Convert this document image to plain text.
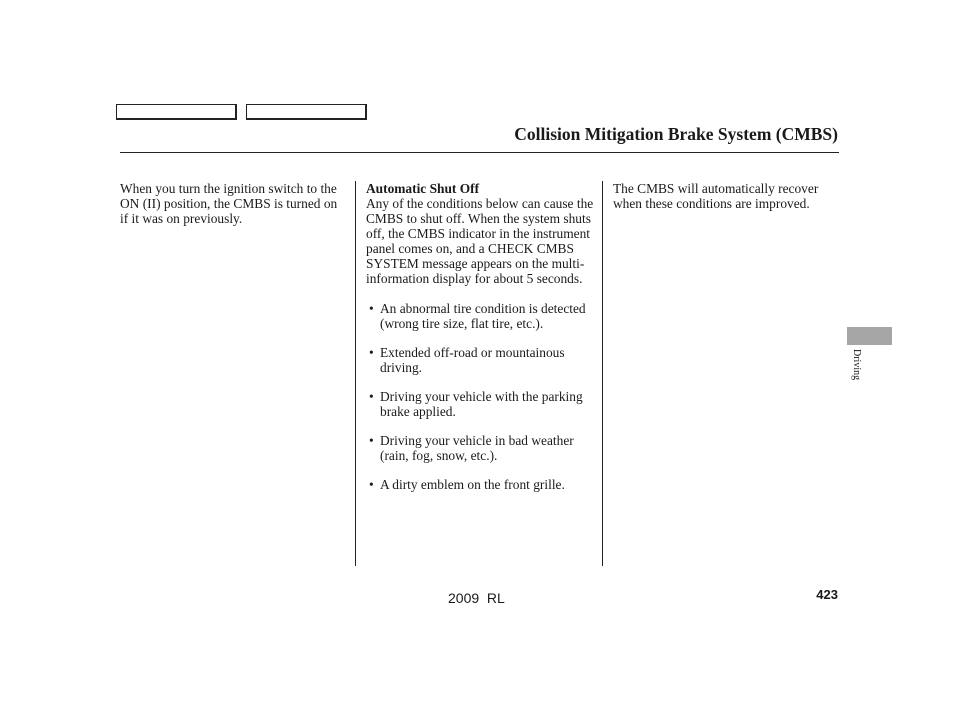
Collision Mitigation Brake System (CMBS)

When you turn the ignition switch to the ON (II) position, the CMBS is turned on if it was on previously.

Automatic Shut Off

Any of the conditions below can cause the CMBS to shut off. When the system shuts off, the CMBS indicator in the instrument panel comes on, and a CHECK CMBS SYSTEM message appears on the multi-information display for about 5 seconds.

• An abnormal tire condition is detected (wrong tire size, flat tire, etc.).
• Extended off-road or mountainous driving.
• Driving your vehicle with the parking brake applied.
• Driving your vehicle in bad weather (rain, fog, snow, etc.).
• A dirty emblem on the front grille.

The CMBS will automatically recover when these conditions are improved.

Driving
2009  RL	423
